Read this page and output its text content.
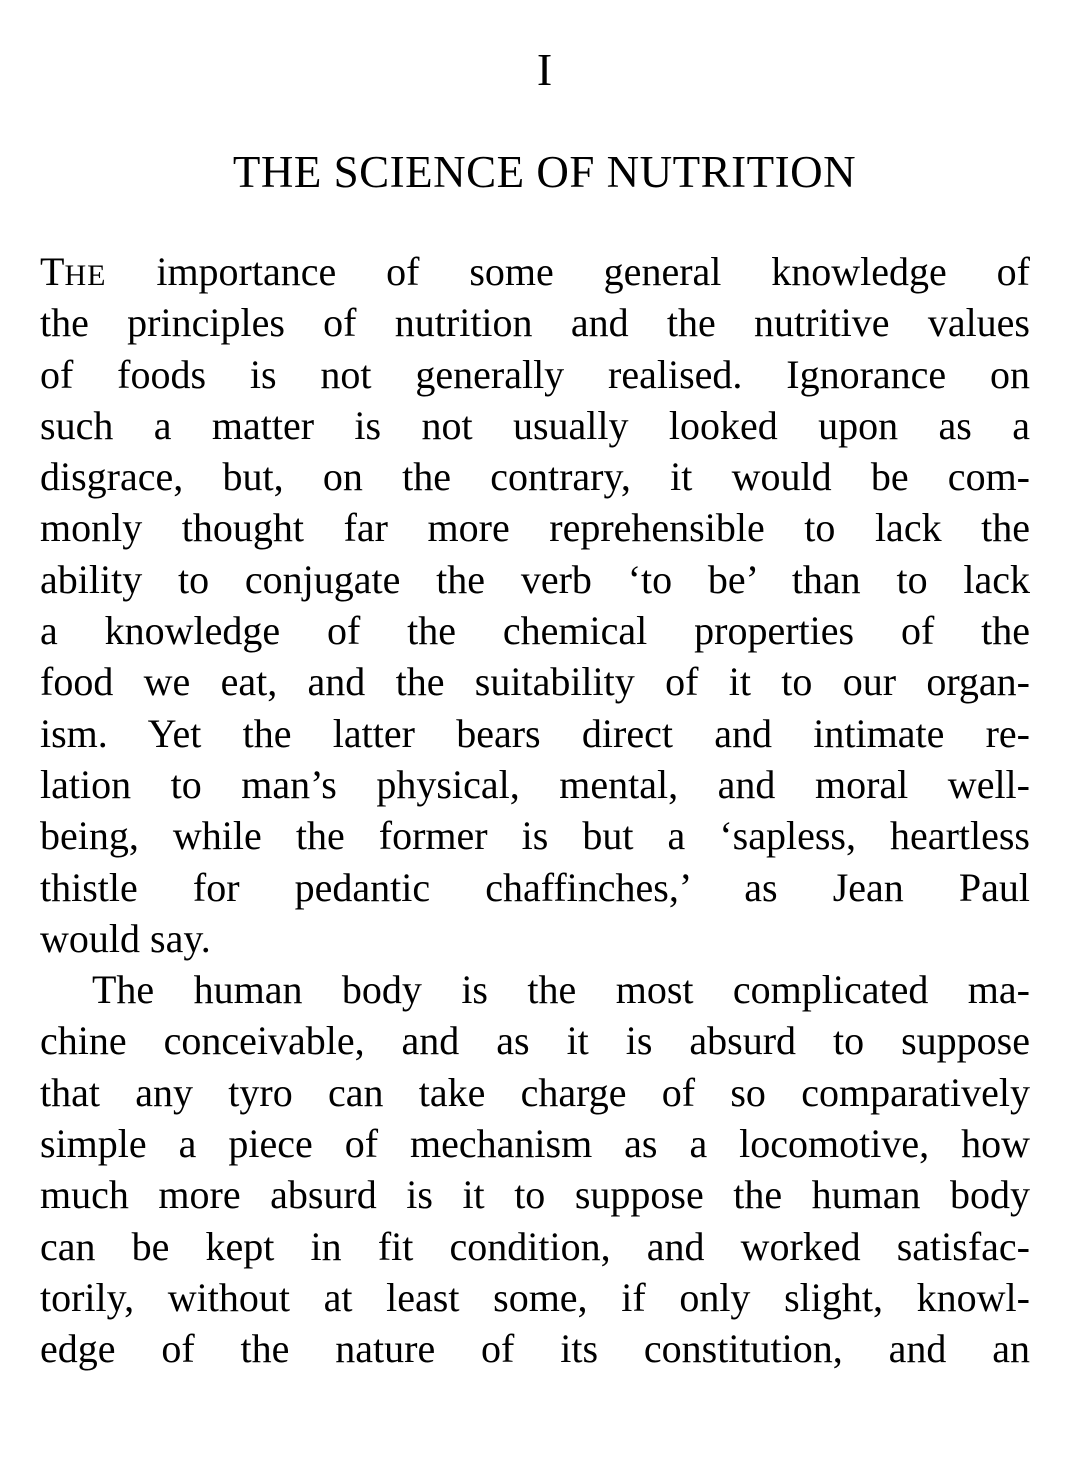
I
THE SCIENCE OF NUTRITION
THE importance of some general knowledge of
the principles of nutrition and the nutritive values
of foods is not generally realised. Ignorance on
such a matter is not usually looked upon as a
disgrace, but, on the contrary, it would be com-
monly thought far more reprehensible to lack the
ability to conjugate the verb ‘to be’ than to lack
a knowledge of the chemical properties of the
food we eat, and the suitability of it to our organ-
ism. Yet the latter bears direct and intimate re-
lation to man’s physical, mental, and moral well-
being, while the former is but a ‘sapless, heartless
thistle for pedantic chaffinches,’ as Jean Paul
would say.
The human body is the most complicated ma-
chine conceivable, and as it is absurd to suppose
that any tyro can take charge of so comparatively
simple a piece of mechanism as a locomotive, how
much more absurd is it to suppose the human body
can be kept in fit condition, and worked satisfac-
torily, without at least some, if only slight, knowl-
edge of the nature of its constitution, and an
